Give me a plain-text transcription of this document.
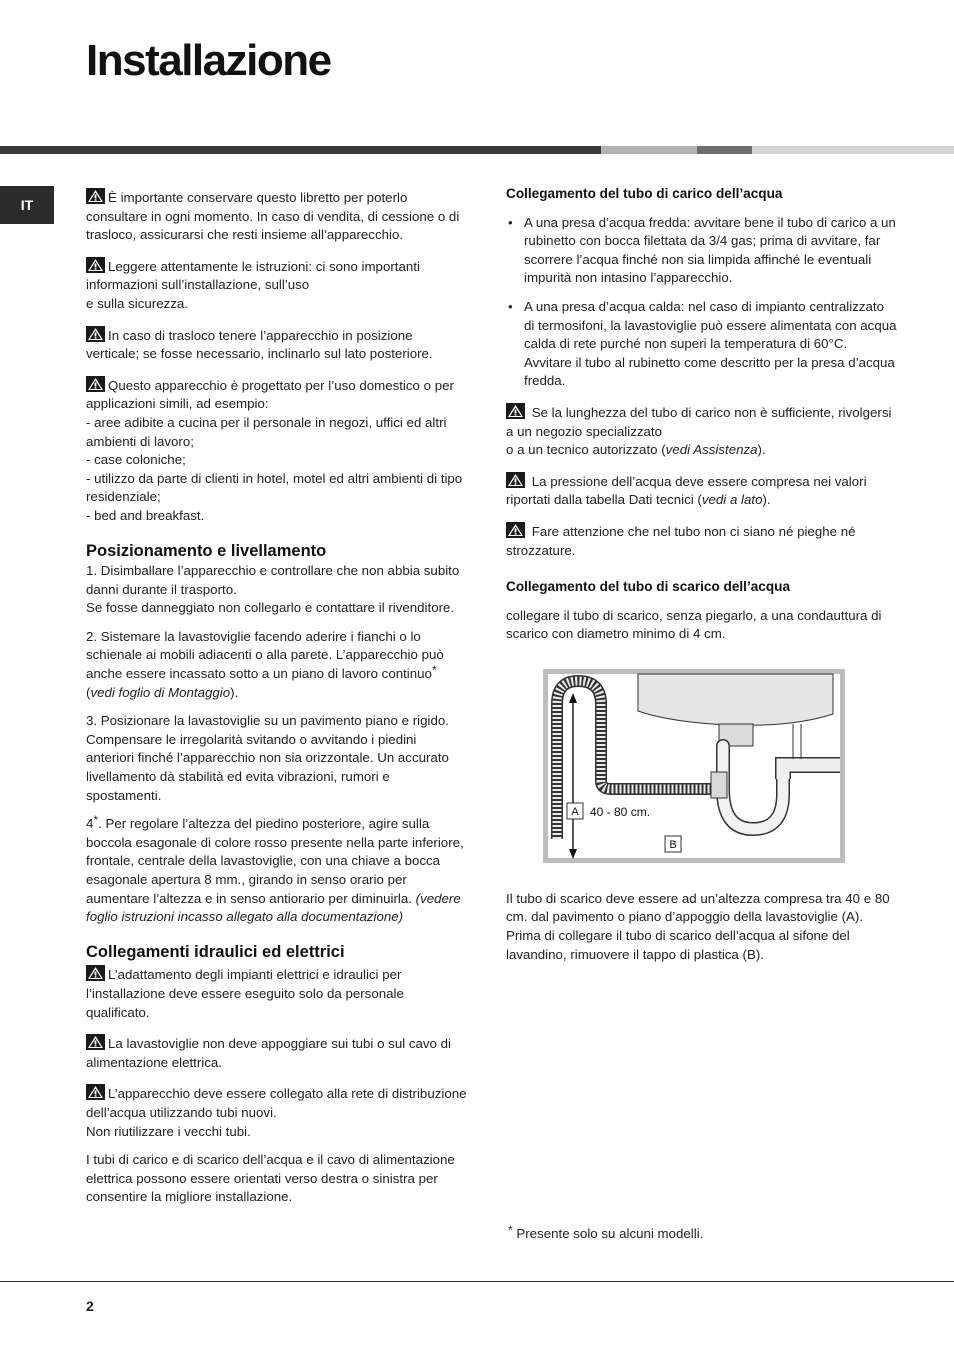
Installazione
IT	È importante conservare questo libretto per poterlo consultare in ogni momento. In caso di vendita, di cessione o di trasloco, assicurarsi che resti insieme all’apparecchio.

Leggere attentamente le istruzioni: ci sono importanti informazioni sull’installazione, sull’uso
e sulla sicurezza.

In caso di trasloco tenere l’apparecchio in posizione verticale; se fosse necessario, inclinarlo sul lato posteriore.

Questo apparecchio è progettato per l’uso domestico o per applicazioni simili, ad esempio:
- aree adibite a cucina per il personale in negozi, uffici ed altri ambienti di lavoro;
- case coloniche;
- utilizzo da parte di clienti in hotel, motel ed altri ambienti di tipo residenziale;
- bed and breakfast.

Posizionamento e livellamento

1. Disimballare l’apparecchio e controllare che non abbia subito danni durante il trasporto.
Se fosse danneggiato non collegarlo e contattare il rivenditore.

2. Sistemare la lavastoviglie facendo aderire i fianchi o lo schienale ai mobili adiacenti o alla parete. L’apparecchio può anche essere incassato sotto a un piano di lavoro continuo* (vedi foglio di Montaggio).

3. Posizionare la lavastoviglie su un pavimento piano e rigido. Compensare le irregolarità svitando o avvitando i piedini anteriori finché l’apparecchio non sia orizzontale. Un accurato livellamento dà stabilità ed evita vibrazioni, rumori e spostamenti.

4*. Per regolare l’altezza del piedino posteriore, agire sulla boccola esagonale di colore rosso presente nella parte inferiore, frontale, centrale della lavastoviglie, con una chiave a bocca esagonale apertura 8 mm., girando in senso orario per aumentare l’altezza e in senso antiorario per diminuirla. (vedere foglio istruzioni incasso allegato alla documentazione)

Collegamenti idraulici ed elettrici

L’adattamento degli impianti elettrici e idraulici per l’installazione deve essere eseguito solo da personale qualificato.

La lavastoviglie non deve appoggiare sui tubi o sul cavo di alimentazione elettrica.

L’apparecchio deve essere collegato alla rete di distribuzione dell’acqua utilizzando tubi nuovi.
Non riutilizzare i vecchi tubi.

I tubi di carico e di scarico dell’acqua e il cavo di alimentazione elettrica possono essere orientati verso destra o sinistra per consentire la migliore installazione.

Collegamento del tubo di carico dell’acqua

• A una presa d’acqua fredda: avvitare bene il tubo di carico a un rubinetto con bocca filettata da 3/4 gas; prima di avvitare, far scorrere l’acqua finché non sia limpida affinché le eventuali impurità non intasino l’apparecchio.
• A una presa d’acqua calda: nel caso di impianto centralizzato di termosifoni, la lavastoviglie può essere alimentata con acqua calda di rete purché non superi la temperatura di 60°C.
Avvitare il tubo al rubinetto come descritto per la presa d’acqua fredda.

Se la lunghezza del tubo di carico non è sufficiente, rivolgersi a un negozio specializzato
o a un tecnico autorizzato (vedi Assistenza).

La pressione dell’acqua deve essere compresa nei valori riportati dalla tabella Dati tecnici (vedi a lato).

Fare attenzione che nel tubo non ci siano né pieghe né strozzature.

Collegamento del tubo di scarico dell’acqua

collegare il tubo di scarico, senza piegarlo, a una condauttura di scarico con diametro minimo di 4 cm.

Il tubo di scarico deve essere ad un’altezza compresa tra 40 e 80 cm. dal pavimento o piano d’appoggio della lavastoviglie (A).

Prima di collegare il tubo di scarico dell’acqua al sifone del lavandino, rimuovere il tappo di plastica (B).

A 40 - 80 cm.
B
* Presente solo su alcuni modelli.
2
